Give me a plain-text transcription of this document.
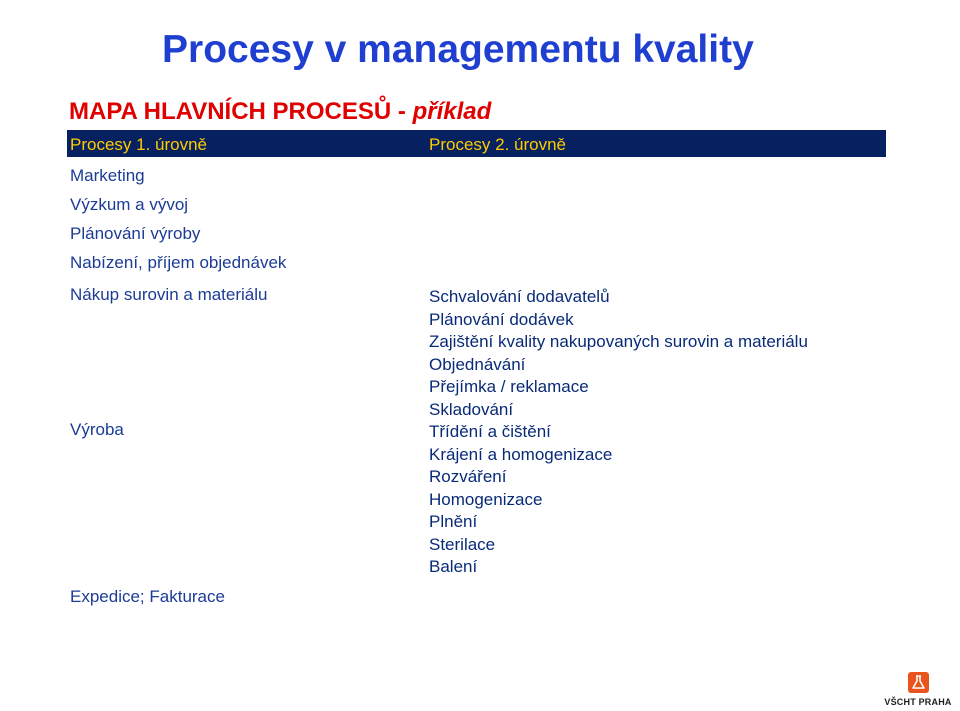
Procesy v managementu kvality
MAPA HLAVNÍCH PROCESŮ - příklad
Procesy 1. úrovně	Procesy 2. úrovně
Marketing
Výzkum a vývoj
Plánování výroby
Nabízení, příjem objednávek
Nákup surovin a materiálu
Výroba
Expedice; Fakturace
Schvalování dodavatelů
Plánování dodávek
Zajištění kvality nakupovaných surovin a materiálu
Objednávání
Přejímka / reklamace
Skladování
Třídění a čištění
Krájení a homogenizace
Rozváření
Homogenizace
Plnění
Sterilace
Balení
VŠCHT PRAHA
